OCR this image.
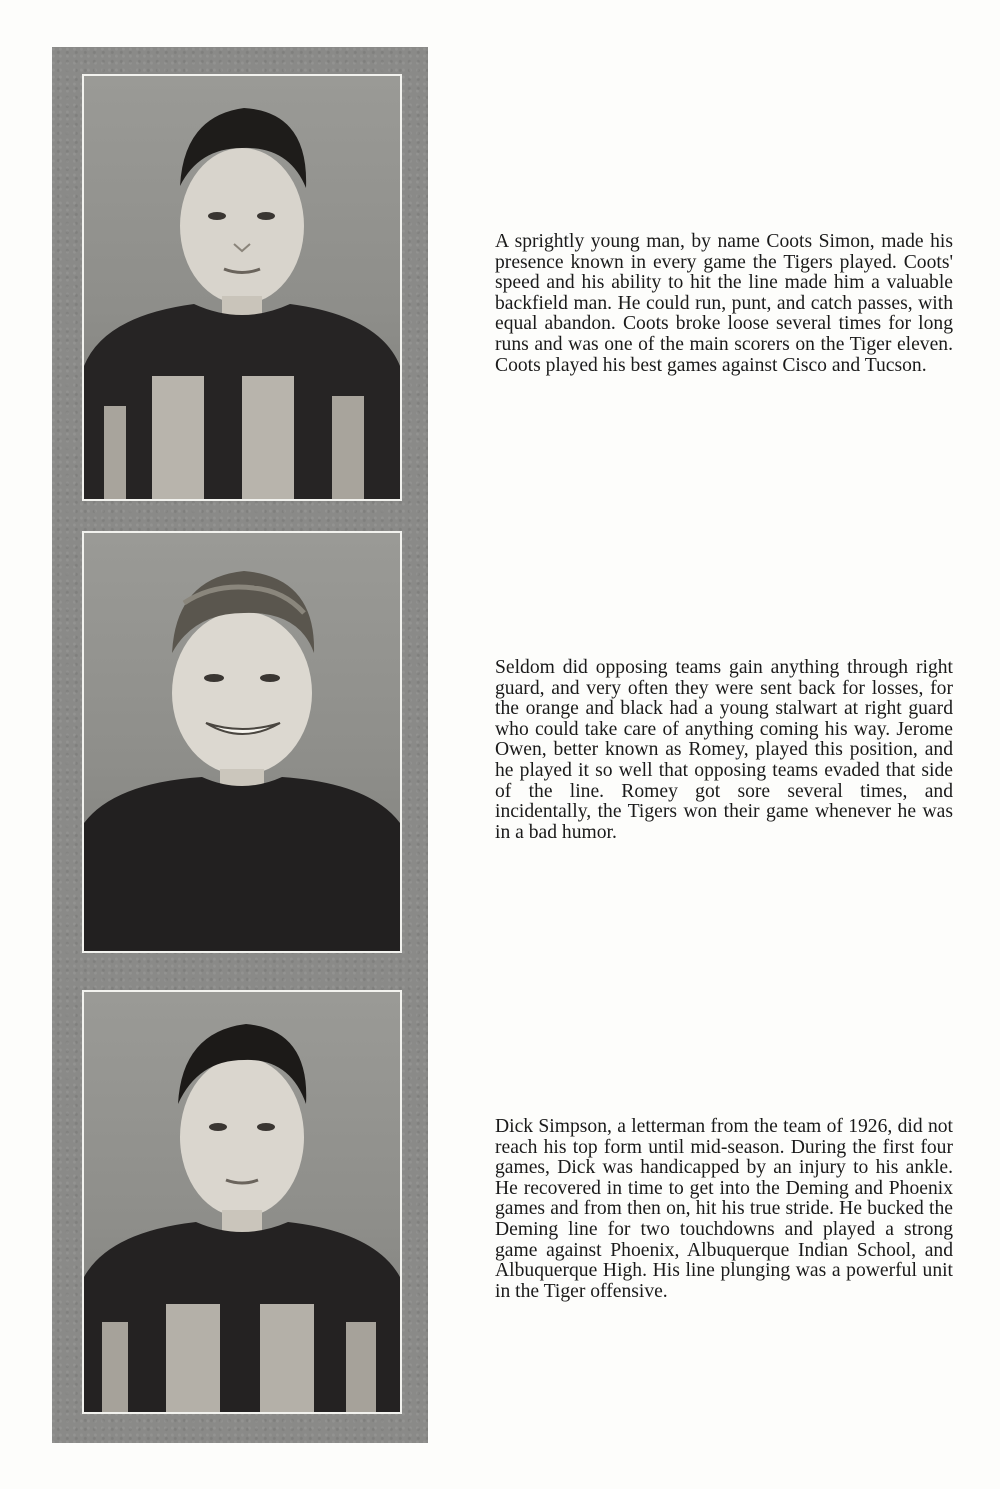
A sprightly young man, by name Coots Simon, made his presence known in every game the Tigers played. Coots' speed and his ability to hit the line made him a valuable backfield man. He could run, punt, and catch passes, with equal abandon. Coots broke loose several times for long runs and was one of the main scorers on the Tiger eleven. Coots played his best games against Cisco and Tucson.
Seldom did opposing teams gain anything through right guard, and very often they were sent back for losses, for the orange and black had a young stalwart at right guard who could take care of anything coming his way. Jerome Owen, better known as Romey, played this position, and he played it so well that opposing teams evaded that side of the line. Romey got sore several times, and incidentally, the Tigers won their game whenever he was in a bad humor.
Dick Simpson, a letterman from the team of 1926, did not reach his top form until mid-season. During the first four games, Dick was handicapped by an injury to his ankle. He recovered in time to get into the Deming and Phoenix games and from then on, hit his true stride. He bucked the Deming line for two touchdowns and played a strong game against Phoenix, Albuquerque Indian School, and Albuquerque High. His line plunging was a powerful unit in the Tiger offensive.
